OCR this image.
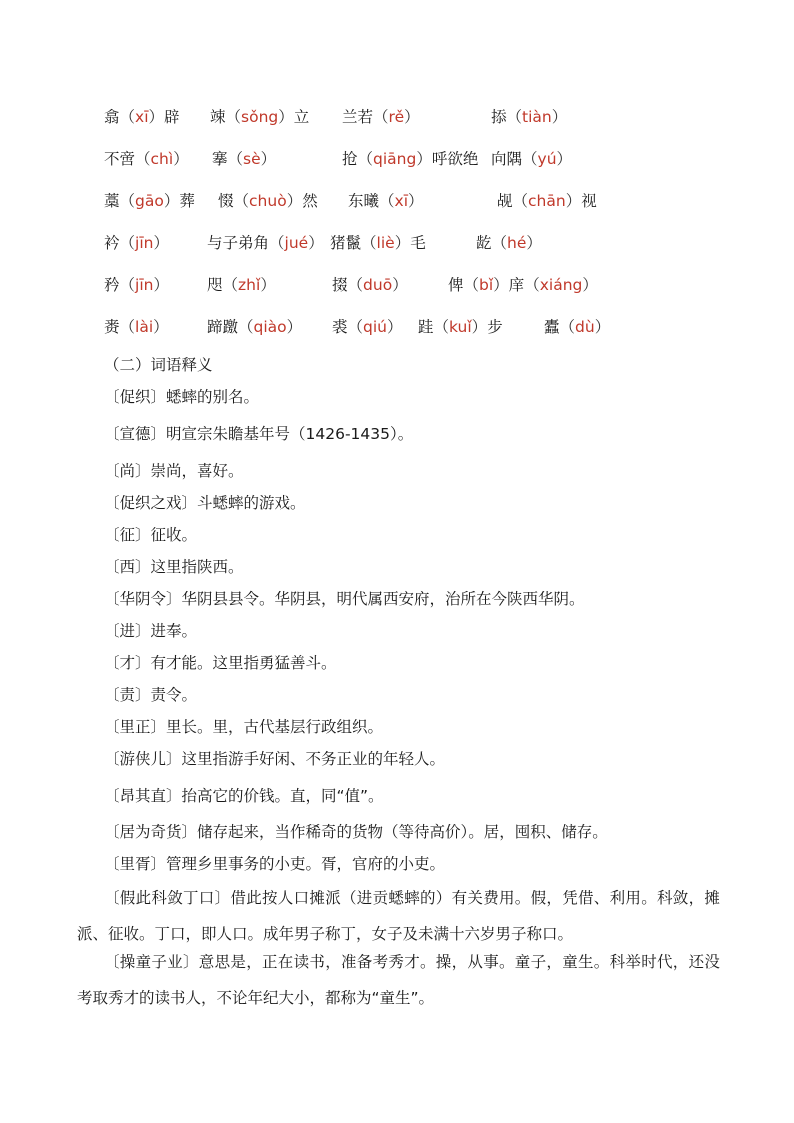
翕（xī）辟 竦（sǒng）立 兰若（rě）	掭（tiàn）
不啻（chì） 搴（sè）	抢（qiāng）呼欲绝 向隅（yú）
藁（gāo）葬 惙（chuò）然 东曦（xī）	觇（chān）视
衿（jīn） 与子弟角（jué） 猪鬣（liè）毛	龁（hé）
矜（jīn） 咫（zhǐ）	掇（duō）	俾（bǐ）庠（xiáng）
赉（lài） 蹄躈（qiào） 裘（qiú） 跬（kuǐ）步	蠹（dù）
（二）词语释义
〔促织〕蟋蟀的别名。
〔宣德〕明宣宗朱瞻基年号（1426-1435）。
〔尚〕崇尚，喜好。
〔促织之戏〕斗蟋蟀的游戏。
〔征〕征收。
〔西〕这里指陕西。
〔华阴令〕华阴县县令。华阴县，明代属西安府，治所在今陕西华阴。
〔进〕进奉。
〔才〕有才能。这里指勇猛善斗。
〔责〕责令。
〔里正〕里长。里，古代基层行政组织。
〔游侠儿〕这里指游手好闲、不务正业的年轻人。
〔昂其直〕抬高它的价钱。直，同“值”。
〔居为奇货〕储存起来，当作稀奇的货物（等待高价）。居，囤积、储存。
〔里胥〕管理乡里事务的小吏。胥，官府的小吏。
〔假此科敛丁口〕借此按人口摊派（进贡蟋蟀的）有关费用。假，凭借、利用。科敛，摊
派、征收。丁口，即人口。成年男子称丁，女子及未满十六岁男子称口。
〔操童子业〕意思是，正在读书，准备考秀才。操，从事。童子，童生。科举时代，还没
考取秀才的读书人，不论年纪大小，都称为“童生”。
